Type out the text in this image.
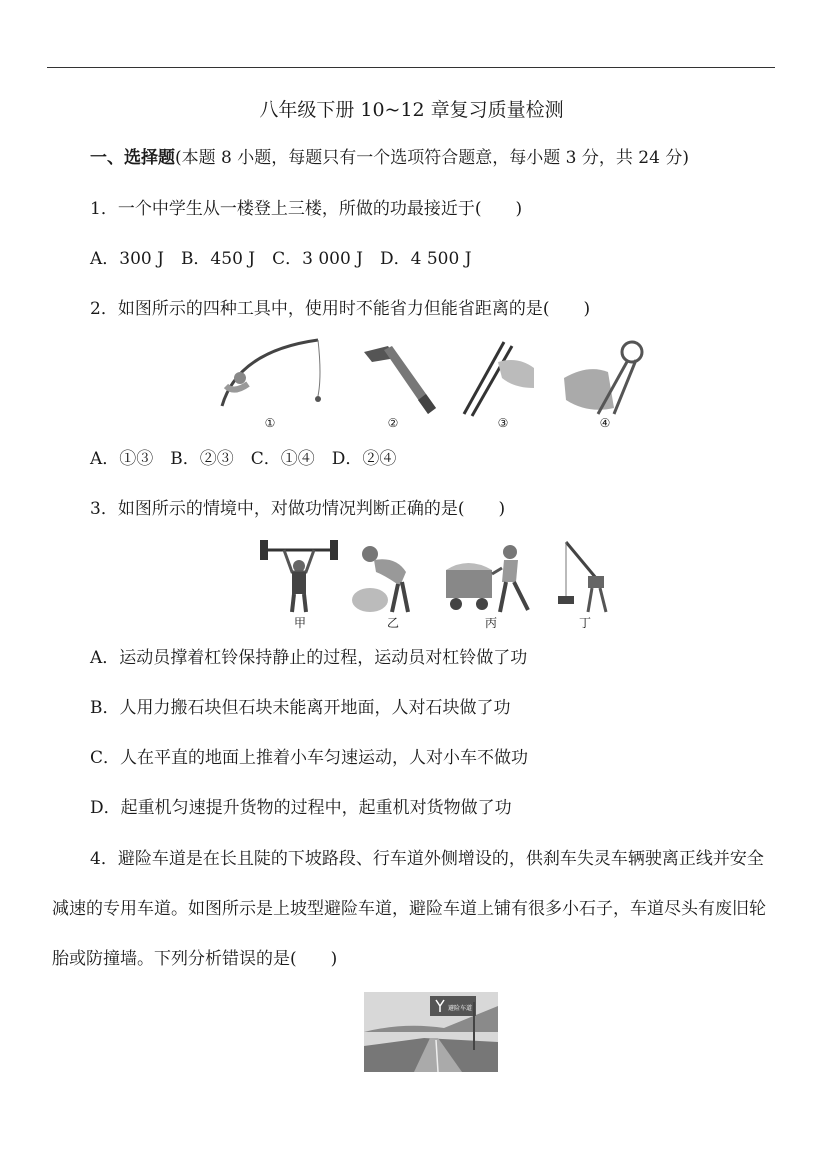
八年级下册 10~12 章复习质量检测
一、选择题(本题 8 小题，每题只有一个选项符合题意，每小题 3 分，共 24 分)
1．一个中学生从一楼登上三楼，所做的功最接近于(　　)
A．300 J　B．450 J　C．3 000 J　D．4 500 J
2．如图所示的四种工具中，使用时不能省力但能省距离的是(　　)
①	②	③	④
A．①③　B．②③　C．①④　D．②④
3．如图所示的情境中，对做功情况判断正确的是(　　)
甲	乙	丙	丁
A．运动员撑着杠铃保持静止的过程，运动员对杠铃做了功
B．人用力搬石块但石块未能离开地面，人对石块做了功
C．人在平直的地面上推着小车匀速运动，人对小车不做功
D．起重机匀速提升货物的过程中，起重机对货物做了功
4．避险车道是在长且陡的下坡路段、行车道外侧增设的，供刹车失灵车辆驶离正线并安全减速的专用车道。如图所示是上坡型避险车道，避险车道上铺有很多小石子，车道尽头有废旧轮胎或防撞墙。下列分析错误的是(　　)
避险车道
